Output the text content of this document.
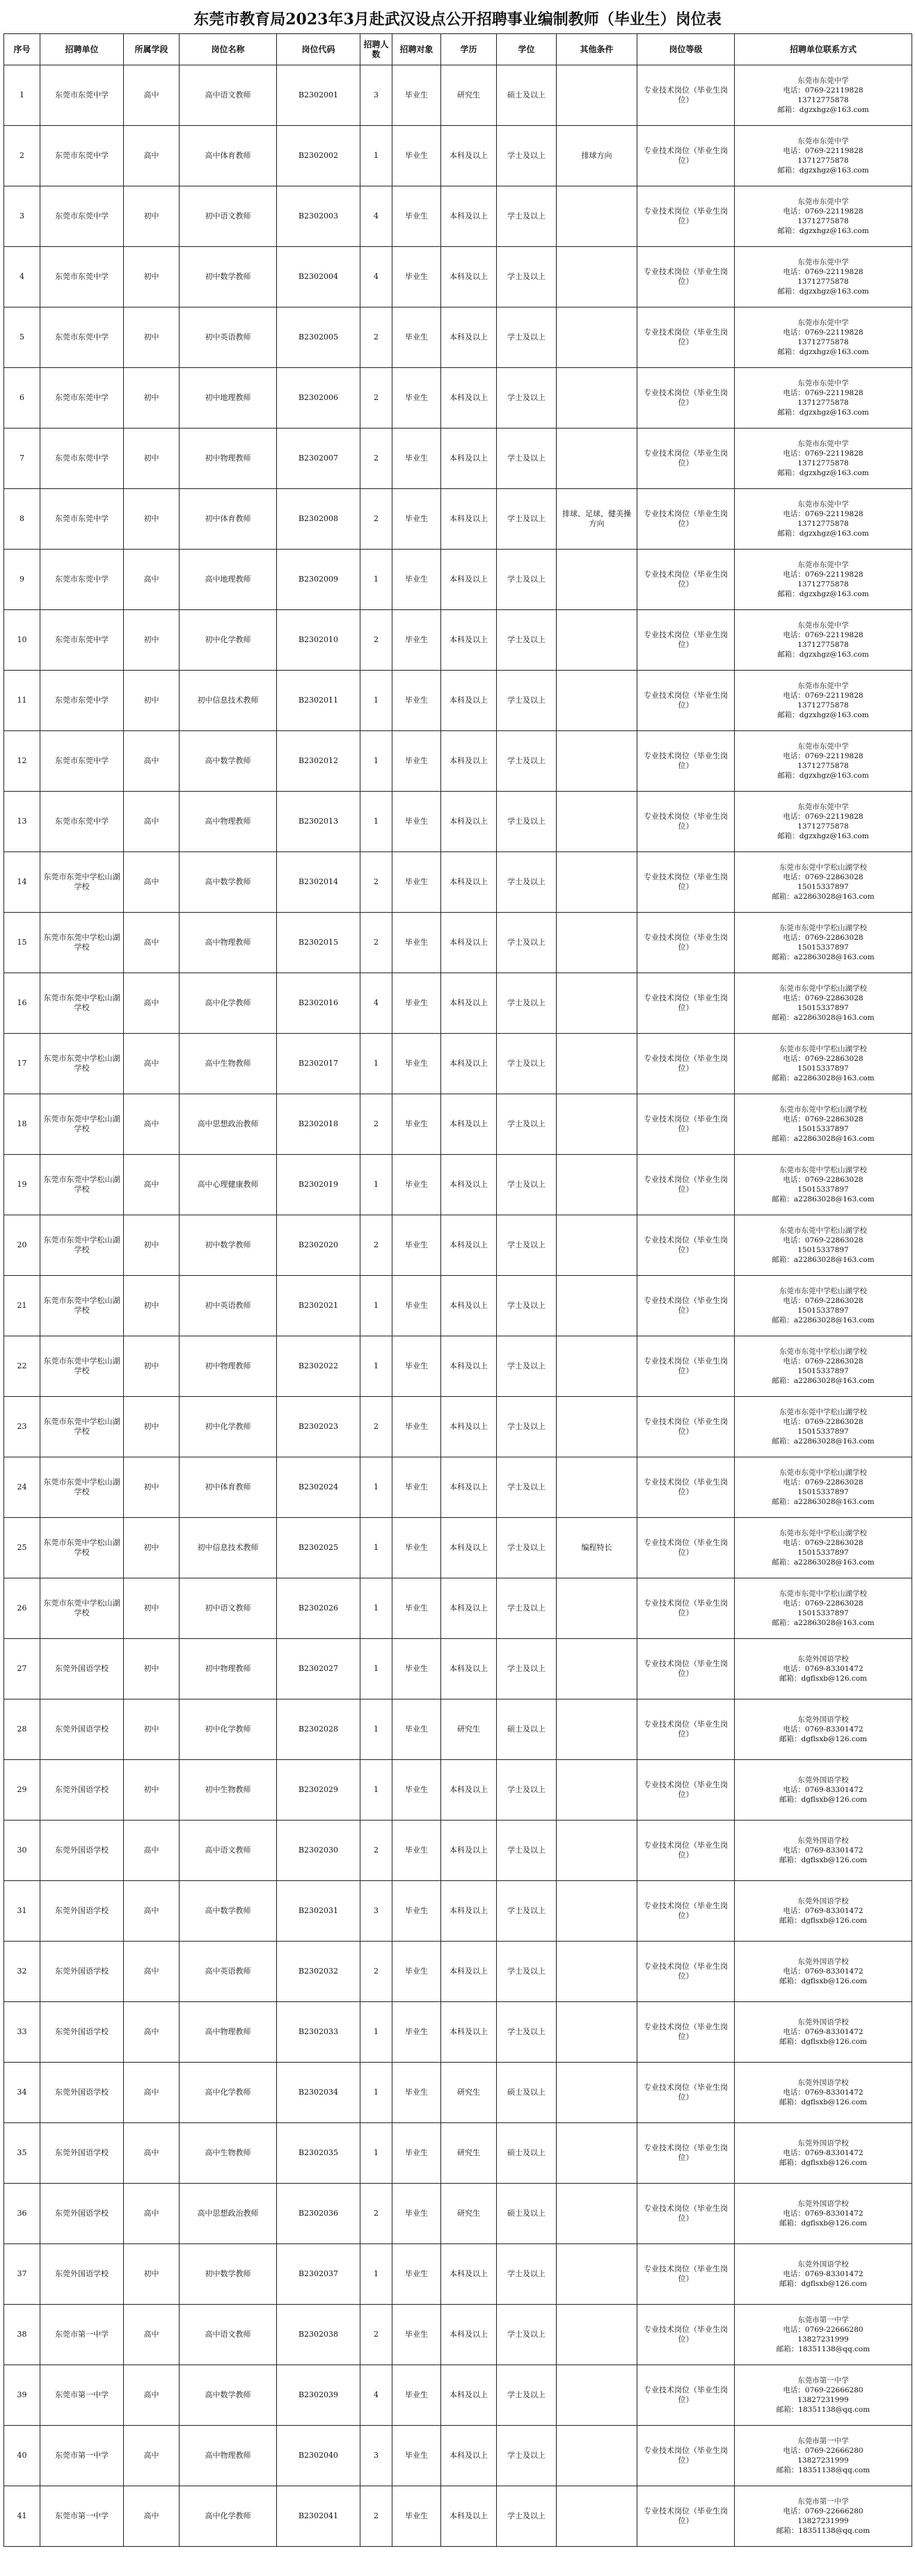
东莞市教育局2023年3月赴武汉设点公开招聘事业编制教师（毕业生）岗位表
序号	招聘单位	所属学段	岗位名称	岗位代码	招聘人数	招聘对象	学历	学位	其他条件	岗位等级	招聘单位联系方式
1	东莞市东莞中学	高中	高中语文教师	B2302001	3	毕业生	研究生	硕士及以上		专业技术岗位（毕业生岗位）	东莞市东莞中学
电话：0769-22119828
13712775878
邮箱：dgzxhgz@163.com

2	东莞市东莞中学	高中	高中体育教师	B2302002	1	毕业生	本科及以上	学士及以上	排球方向	专业技术岗位（毕业生岗位）	东莞市东莞中学
电话：0769-22119828
13712775878
邮箱：dgzxhgz@163.com

3	东莞市东莞中学	初中	初中语文教师	B2302003	4	毕业生	本科及以上	学士及以上		专业技术岗位（毕业生岗位）	东莞市东莞中学
电话：0769-22119828
13712775878
邮箱：dgzxhgz@163.com

4	东莞市东莞中学	初中	初中数学教师	B2302004	4	毕业生	本科及以上	学士及以上		专业技术岗位（毕业生岗位）	东莞市东莞中学
电话：0769-22119828
13712775878
邮箱：dgzxhgz@163.com

5	东莞市东莞中学	初中	初中英语教师	B2302005	2	毕业生	本科及以上	学士及以上		专业技术岗位（毕业生岗位）	东莞市东莞中学
电话：0769-22119828
13712775878
邮箱：dgzxhgz@163.com

6	东莞市东莞中学	初中	初中地理教师	B2302006	2	毕业生	本科及以上	学士及以上		专业技术岗位（毕业生岗位）	东莞市东莞中学
电话：0769-22119828
13712775878
邮箱：dgzxhgz@163.com

7	东莞市东莞中学	初中	初中物理教师	B2302007	2	毕业生	本科及以上	学士及以上		专业技术岗位（毕业生岗位）	东莞市东莞中学
电话：0769-22119828
13712775878
邮箱：dgzxhgz@163.com

8	东莞市东莞中学	初中	初中体育教师	B2302008	2	毕业生	本科及以上	学士及以上	排球、足球、健美操方向	专业技术岗位（毕业生岗位）	东莞市东莞中学
电话：0769-22119828
13712775878
邮箱：dgzxhgz@163.com

9	东莞市东莞中学	高中	高中地理教师	B2302009	1	毕业生	本科及以上	学士及以上		专业技术岗位（毕业生岗位）	东莞市东莞中学
电话：0769-22119828
13712775878
邮箱：dgzxhgz@163.com

10	东莞市东莞中学	初中	初中化学教师	B2302010	2	毕业生	本科及以上	学士及以上		专业技术岗位（毕业生岗位）	东莞市东莞中学
电话：0769-22119828
13712775878
邮箱：dgzxhgz@163.com

11	东莞市东莞中学	初中	初中信息技术教师	B2302011	1	毕业生	本科及以上	学士及以上		专业技术岗位（毕业生岗位）	东莞市东莞中学
电话：0769-22119828
13712775878
邮箱：dgzxhgz@163.com

12	东莞市东莞中学	高中	高中数学教师	B2302012	1	毕业生	本科及以上	学士及以上		专业技术岗位（毕业生岗位）	东莞市东莞中学
电话：0769-22119828
13712775878
邮箱：dgzxhgz@163.com

13	东莞市东莞中学	高中	高中物理教师	B2302013	1	毕业生	本科及以上	学士及以上		专业技术岗位（毕业生岗位）	东莞市东莞中学
电话：0769-22119828
13712775878
邮箱：dgzxhgz@163.com

14	东莞市东莞中学松山湖学校	高中	高中数学教师	B2302014	2	毕业生	本科及以上	学士及以上		专业技术岗位（毕业生岗位）	东莞市东莞中学松山湖学校
电话：0769-22863028
15015337897
邮箱：a22863028@163.com

15	东莞市东莞中学松山湖学校	高中	高中物理教师	B2302015	2	毕业生	本科及以上	学士及以上		专业技术岗位（毕业生岗位）	东莞市东莞中学松山湖学校
电话：0769-22863028
15015337897
邮箱：a22863028@163.com

16	东莞市东莞中学松山湖学校	高中	高中化学教师	B2302016	4	毕业生	本科及以上	学士及以上		专业技术岗位（毕业生岗位）	东莞市东莞中学松山湖学校
电话：0769-22863028
15015337897
邮箱：a22863028@163.com

17	东莞市东莞中学松山湖学校	高中	高中生物教师	B2302017	1	毕业生	本科及以上	学士及以上		专业技术岗位（毕业生岗位）	东莞市东莞中学松山湖学校
电话：0769-22863028
15015337897
邮箱：a22863028@163.com

18	东莞市东莞中学松山湖学校	高中	高中思想政治教师	B2302018	2	毕业生	本科及以上	学士及以上		专业技术岗位（毕业生岗位）	东莞市东莞中学松山湖学校
电话：0769-22863028
15015337897
邮箱：a22863028@163.com

19	东莞市东莞中学松山湖学校	高中	高中心理健康教师	B2302019	1	毕业生	本科及以上	学士及以上		专业技术岗位（毕业生岗位）	东莞市东莞中学松山湖学校
电话：0769-22863028
15015337897
邮箱：a22863028@163.com

20	东莞市东莞中学松山湖学校	初中	初中数学教师	B2302020	2	毕业生	本科及以上	学士及以上		专业技术岗位（毕业生岗位）	东莞市东莞中学松山湖学校
电话：0769-22863028
15015337897
邮箱：a22863028@163.com

21	东莞市东莞中学松山湖学校	初中	初中英语教师	B2302021	1	毕业生	本科及以上	学士及以上		专业技术岗位（毕业生岗位）	东莞市东莞中学松山湖学校
电话：0769-22863028
15015337897
邮箱：a22863028@163.com

22	东莞市东莞中学松山湖学校	初中	初中物理教师	B2302022	1	毕业生	本科及以上	学士及以上		专业技术岗位（毕业生岗位）	东莞市东莞中学松山湖学校
电话：0769-22863028
15015337897
邮箱：a22863028@163.com

23	东莞市东莞中学松山湖学校	初中	初中化学教师	B2302023	2	毕业生	本科及以上	学士及以上		专业技术岗位（毕业生岗位）	东莞市东莞中学松山湖学校
电话：0769-22863028
15015337897
邮箱：a22863028@163.com

24	东莞市东莞中学松山湖学校	初中	初中体育教师	B2302024	1	毕业生	本科及以上	学士及以上		专业技术岗位（毕业生岗位）	东莞市东莞中学松山湖学校
电话：0769-22863028
15015337897
邮箱：a22863028@163.com

25	东莞市东莞中学松山湖学校	初中	初中信息技术教师	B2302025	1	毕业生	本科及以上	学士及以上	编程特长	专业技术岗位（毕业生岗位）	东莞市东莞中学松山湖学校
电话：0769-22863028
15015337897
邮箱：a22863028@163.com

26	东莞市东莞中学松山湖学校	初中	初中语文教师	B2302026	1	毕业生	本科及以上	学士及以上		专业技术岗位（毕业生岗位）	东莞市东莞中学松山湖学校
电话：0769-22863028
15015337897
邮箱：a22863028@163.com

27	东莞外国语学校	初中	初中物理教师	B2302027	1	毕业生	本科及以上	学士及以上		专业技术岗位（毕业生岗位）	东莞外国语学校
电话：0769-83301472
邮箱：dgflsxb@126.com

28	东莞外国语学校	初中	初中化学教师	B2302028	1	毕业生	研究生	硕士及以上		专业技术岗位（毕业生岗位）	东莞外国语学校
电话：0769-83301472
邮箱：dgflsxb@126.com

29	东莞外国语学校	初中	初中生物教师	B2302029	1	毕业生	本科及以上	学士及以上		专业技术岗位（毕业生岗位）	东莞外国语学校
电话：0769-83301472
邮箱：dgflsxb@126.com

30	东莞外国语学校	高中	高中语文教师	B2302030	2	毕业生	本科及以上	学士及以上		专业技术岗位（毕业生岗位）	东莞外国语学校
电话：0769-83301472
邮箱：dgflsxb@126.com

31	东莞外国语学校	高中	高中数学教师	B2302031	3	毕业生	本科及以上	学士及以上		专业技术岗位（毕业生岗位）	东莞外国语学校
电话：0769-83301472
邮箱：dgflsxb@126.com

32	东莞外国语学校	高中	高中英语教师	B2302032	2	毕业生	本科及以上	学士及以上		专业技术岗位（毕业生岗位）	东莞外国语学校
电话：0769-83301472
邮箱：dgflsxb@126.com

33	东莞外国语学校	高中	高中物理教师	B2302033	1	毕业生	本科及以上	学士及以上		专业技术岗位（毕业生岗位）	东莞外国语学校
电话：0769-83301472
邮箱：dgflsxb@126.com

34	东莞外国语学校	高中	高中化学教师	B2302034	1	毕业生	研究生	硕士及以上		专业技术岗位（毕业生岗位）	东莞外国语学校
电话：0769-83301472
邮箱：dgflsxb@126.com

35	东莞外国语学校	高中	高中生物教师	B2302035	1	毕业生	研究生	硕士及以上		专业技术岗位（毕业生岗位）	东莞外国语学校
电话：0769-83301472
邮箱：dgflsxb@126.com

36	东莞外国语学校	高中	高中思想政治教师	B2302036	2	毕业生	研究生	硕士及以上		专业技术岗位（毕业生岗位）	东莞外国语学校
电话：0769-83301472
邮箱：dgflsxb@126.com

37	东莞外国语学校	初中	初中数学教师	B2302037	1	毕业生	本科及以上	学士及以上		专业技术岗位（毕业生岗位）	东莞外国语学校
电话：0769-83301472
邮箱：dgflsxb@126.com

38	东莞市第一中学	高中	高中语文教师	B2302038	2	毕业生	本科及以上	学士及以上		专业技术岗位（毕业生岗位）	东莞市第一中学
电话：0769-22666280
13827231999
邮箱：18351138@qq.com

39	东莞市第一中学	高中	高中数学教师	B2302039	4	毕业生	本科及以上	学士及以上		专业技术岗位（毕业生岗位）	东莞市第一中学
电话：0769-22666280
13827231999
邮箱：18351138@qq.com

40	东莞市第一中学	高中	高中物理教师	B2302040	3	毕业生	本科及以上	学士及以上		专业技术岗位（毕业生岗位）	东莞市第一中学
电话：0769-22666280
13827231999
邮箱：18351138@qq.com

41	东莞市第一中学	高中	高中化学教师	B2302041	2	毕业生	本科及以上	学士及以上		专业技术岗位（毕业生岗位）	东莞市第一中学
电话：0769-22666280
13827231999
邮箱：18351138@qq.com
